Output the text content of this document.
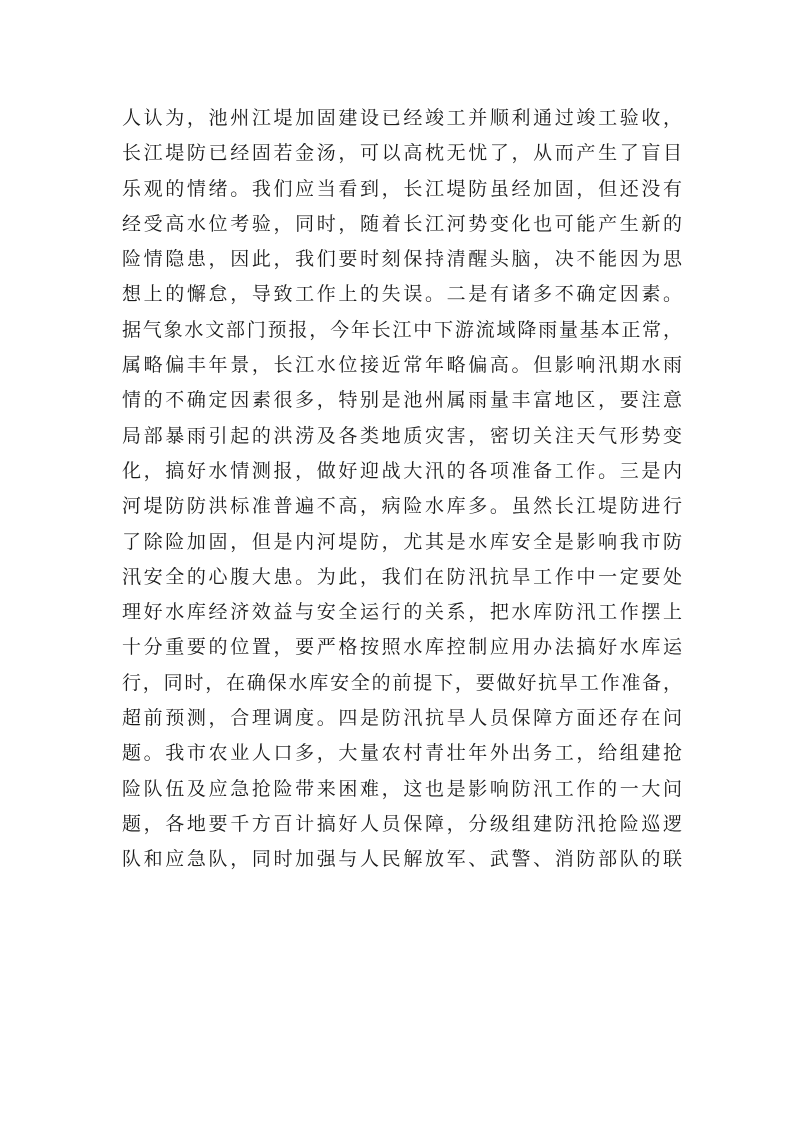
人认为，池州江堤加固建设已经竣工并顺利通过竣工验收，
长江堤防已经固若金汤，可以高枕无忧了，从而产生了盲目
乐观的情绪。我们应当看到，长江堤防虽经加固，但还没有
经受高水位考验，同时，随着长江河势变化也可能产生新的
险情隐患，因此，我们要时刻保持清醒头脑，决不能因为思
想上的懈怠，导致工作上的失误。二是有诸多不确定因素。
据气象水文部门预报，今年长江中下游流域降雨量基本正常，
属略偏丰年景，长江水位接近常年略偏高。但影响汛期水雨
情的不确定因素很多，特别是池州属雨量丰富地区，要注意
局部暴雨引起的洪涝及各类地质灾害，密切关注天气形势变
化，搞好水情测报，做好迎战大汛的各项准备工作。三是内
河堤防防洪标准普遍不高，病险水库多。虽然长江堤防进行
了除险加固，但是内河堤防，尤其是水库安全是影响我市防
汛安全的心腹大患。为此，我们在防汛抗旱工作中一定要处
理好水库经济效益与安全运行的关系，把水库防汛工作摆上
十分重要的位置，要严格按照水库控制应用办法搞好水库运
行，同时，在确保水库安全的前提下，要做好抗旱工作准备，
超前预测，合理调度。四是防汛抗旱人员保障方面还存在问
题。我市农业人口多，大量农村青壮年外出务工，给组建抢
险队伍及应急抢险带来困难，这也是影响防汛工作的一大问
题，各地要千方百计搞好人员保障，分级组建防汛抢险巡逻
队和应急队，同时加强与人民解放军、武警、消防部队的联
